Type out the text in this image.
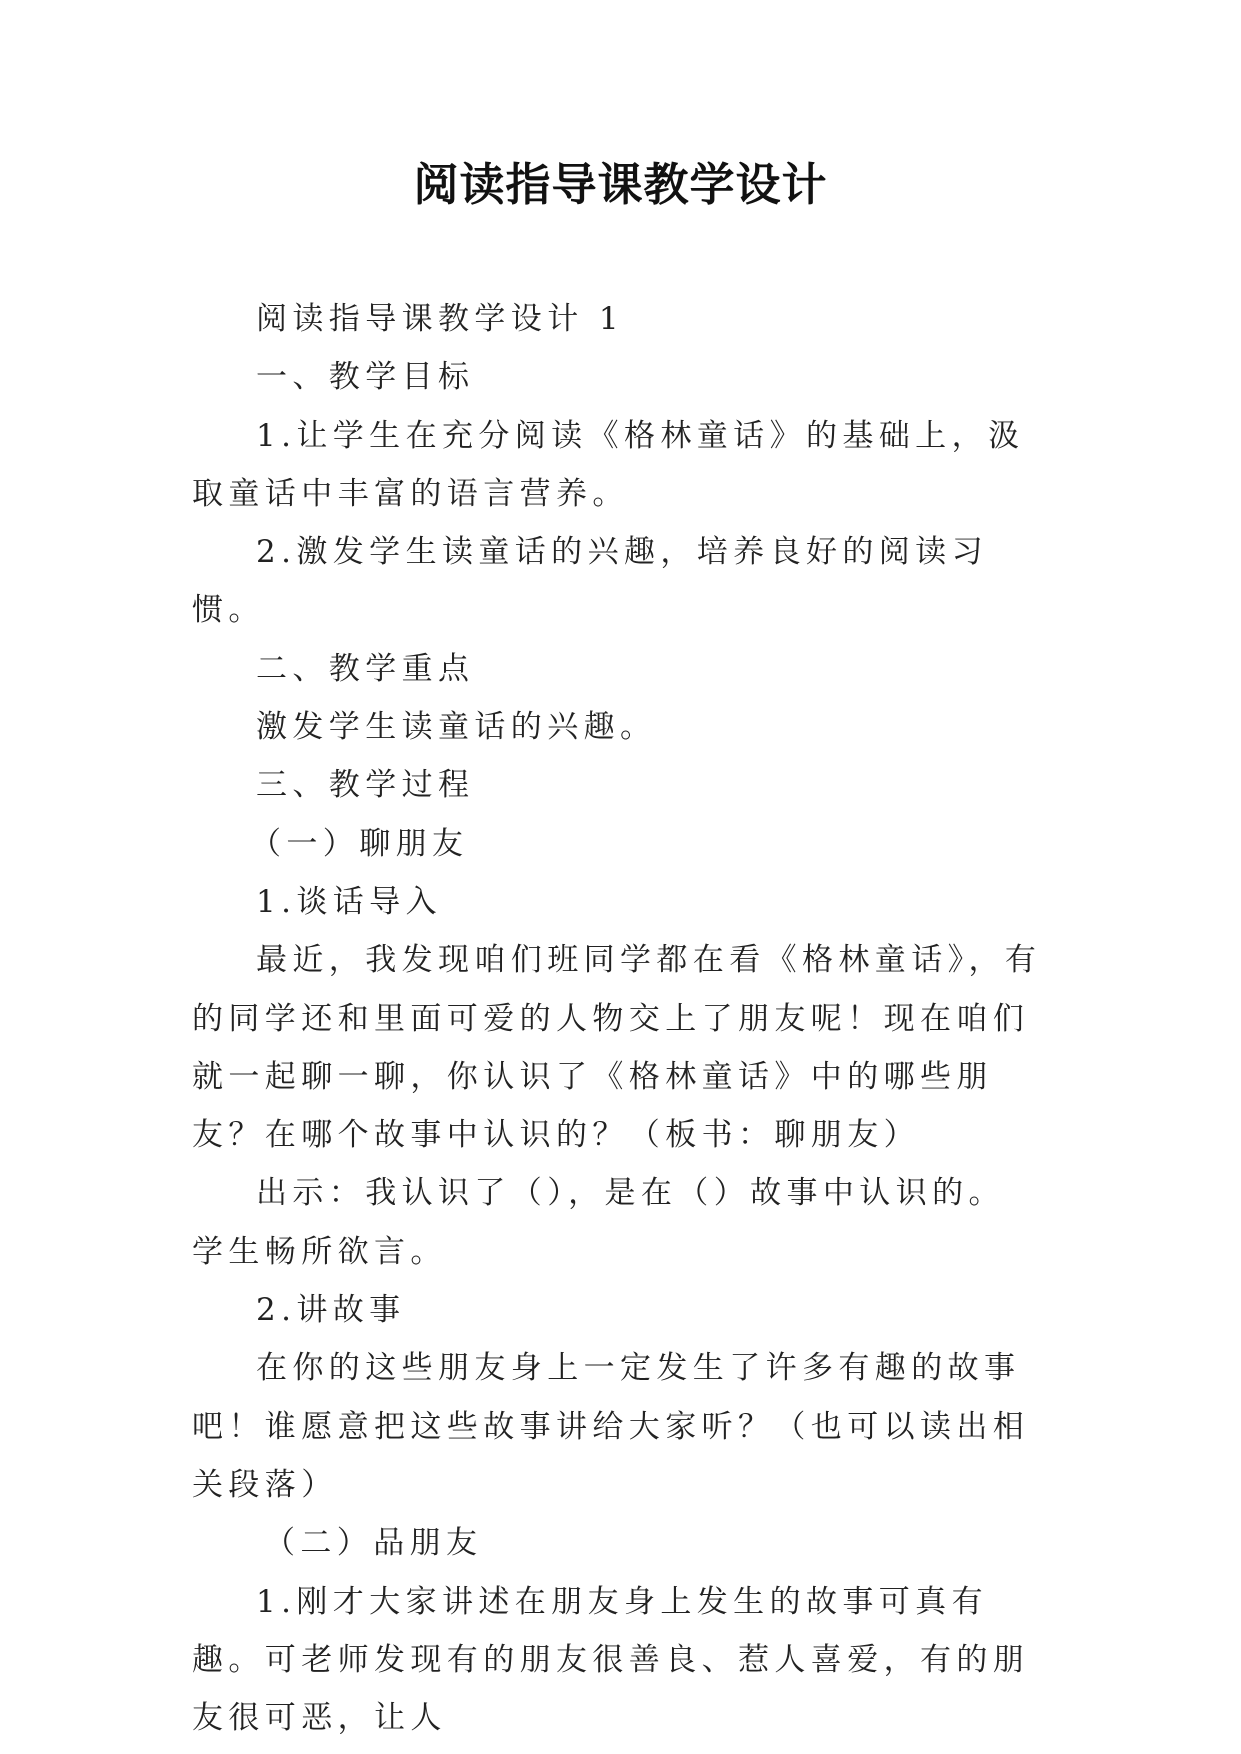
阅读指导课教学设计

阅读指导课教学设计 1

一、教学目标

1.让学生在充分阅读《格林童话》的基础上，汲取童话中丰富的语言营养。

2.激发学生读童话的兴趣，培养良好的阅读习惯。

二、教学重点

激发学生读童话的兴趣。

三、教学过程

（一）聊朋友

1.谈话导入

最近，我发现咱们班同学都在看《格林童话》，有的同学还和里面可爱的人物交上了朋友呢！现在咱们就一起聊一聊，你认识了《格林童话》中的哪些朋友？在哪个故事中认识的？（板书：聊朋友）

出示：我认识了（），是在（）故事中认识的。 学生畅所欲言。

2.讲故事

在你的这些朋友身上一定发生了许多有趣的故事吧！谁愿意把这些故事讲给大家听？（也可以读出相关段落）

（二）品朋友

1.刚才大家讲述在朋友身上发生的故事可真有趣。可老师发现有的朋友很善良、惹人喜爱，有的朋友很可恶，让人
